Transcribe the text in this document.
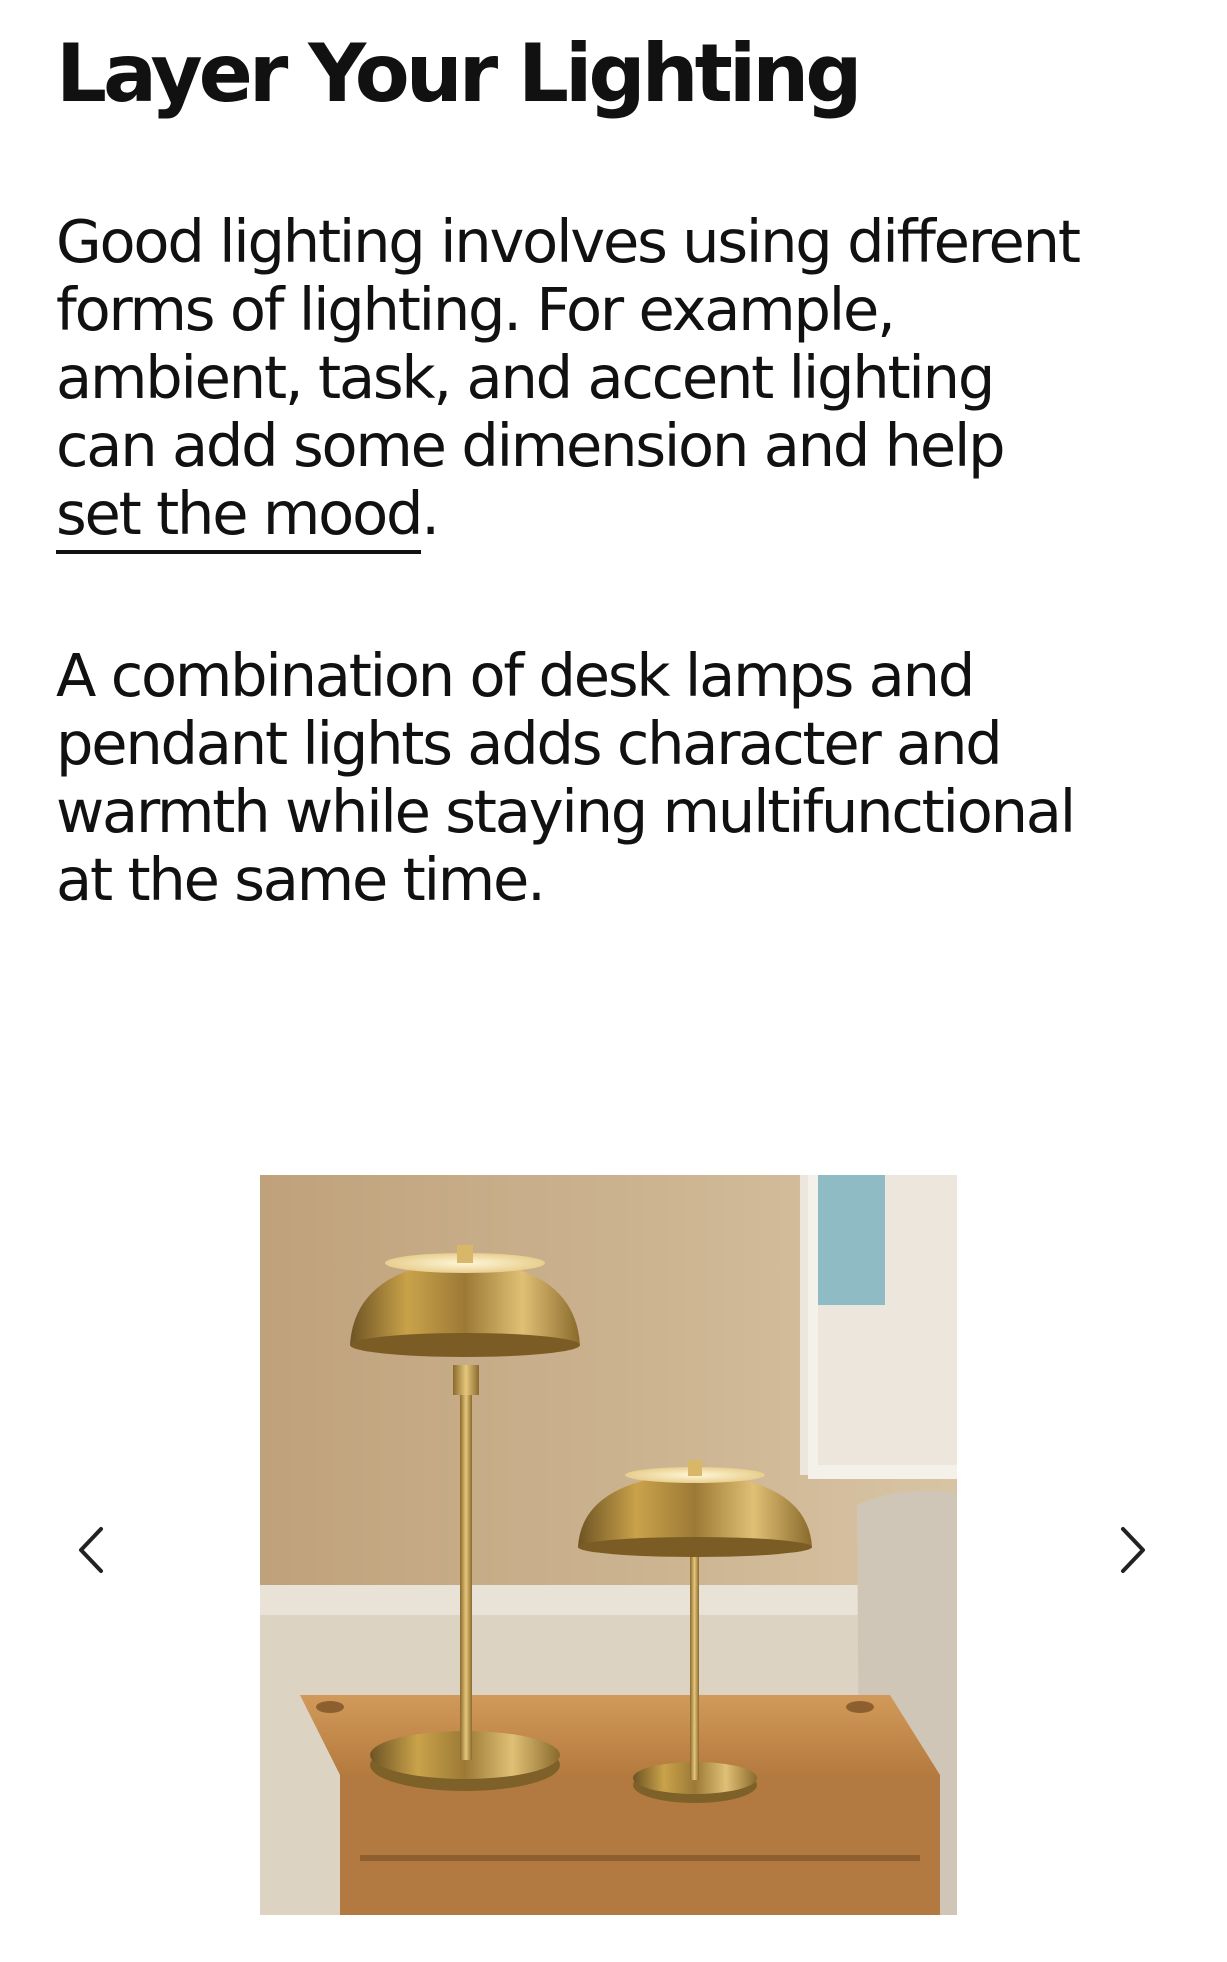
Layer Your Lighting

Good lighting involves using different
forms of lighting. For example,
ambient, task, and accent lighting
can add some dimension and help
set the mood.

A combination of desk lamps and
pendant lights adds character and
warmth while staying multifunctional
at the same time.
